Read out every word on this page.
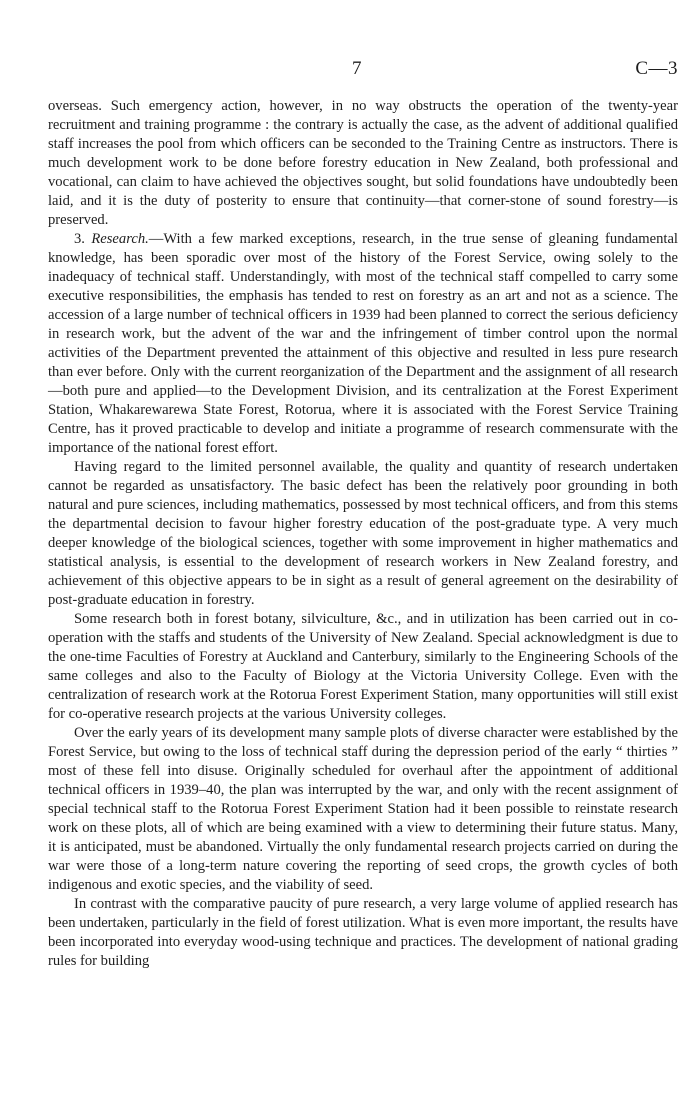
7	C—3

overseas. Such emergency action, however, in no way obstructs the operation of the twenty-year recruitment and training programme : the contrary is actually the case, as the advent of additional qualified staff increases the pool from which officers can be seconded to the Training Centre as instructors. There is much development work to be done before forestry education in New Zealand, both professional and vocational, can claim to have achieved the objectives sought, but solid foundations have undoubtedly been laid, and it is the duty of posterity to ensure that continuity—that corner-stone of sound forestry—is preserved.

3. Research.—With a few marked exceptions, research, in the true sense of gleaning fundamental knowledge, has been sporadic over most of the history of the Forest Service, owing solely to the inadequacy of technical staff. Understandingly, with most of the technical staff compelled to carry some executive responsibilities, the emphasis has tended to rest on forestry as an art and not as a science. The accession of a large number of technical officers in 1939 had been planned to correct the serious deficiency in research work, but the advent of the war and the infringement of timber control upon the normal activities of the Department prevented the attainment of this objective and resulted in less pure research than ever before. Only with the current reorganization of the Department and the assignment of all research—both pure and applied—to the Development Division, and its centralization at the Forest Experiment Station, Whakarewarewa State Forest, Rotorua, where it is associated with the Forest Service Training Centre, has it proved practicable to develop and initiate a programme of research commensurate with the importance of the national forest effort.

Having regard to the limited personnel available, the quality and quantity of research undertaken cannot be regarded as unsatisfactory. The basic defect has been the relatively poor grounding in both natural and pure sciences, including mathematics, possessed by most technical officers, and from this stems the departmental decision to favour higher forestry education of the post-graduate type. A very much deeper knowledge of the biological sciences, together with some improvement in higher mathematics and statistical analysis, is essential to the development of research workers in New Zealand forestry, and achievement of this objective appears to be in sight as a result of general agreement on the desirability of post-graduate education in forestry.

Some research both in forest botany, silviculture, &c., and in utilization has been carried out in co-operation with the staffs and students of the University of New Zealand. Special acknowledgment is due to the one-time Faculties of Forestry at Auckland and Canterbury, similarly to the Engineering Schools of the same colleges and also to the Faculty of Biology at the Victoria University College. Even with the centralization of research work at the Rotorua Forest Experiment Station, many opportunities will still exist for co-operative research projects at the various University colleges.

Over the early years of its development many sample plots of diverse character were established by the Forest Service, but owing to the loss of technical staff during the depression period of the early “ thirties ” most of these fell into disuse. Originally scheduled for overhaul after the appointment of additional technical officers in 1939–40, the plan was interrupted by the war, and only with the recent assignment of special technical staff to the Rotorua Forest Experiment Station had it been possible to reinstate research work on these plots, all of which are being examined with a view to determining their future status. Many, it is anticipated, must be abandoned. Virtually the only fundamental research projects carried on during the war were those of a long-term nature covering the reporting of seed crops, the growth cycles of both indigenous and exotic species, and the viability of seed.

In contrast with the comparative paucity of pure research, a very large volume of applied research has been undertaken, particularly in the field of forest utilization. What is even more important, the results have been incorporated into everyday wood-using technique and practices. The development of national grading rules for building
